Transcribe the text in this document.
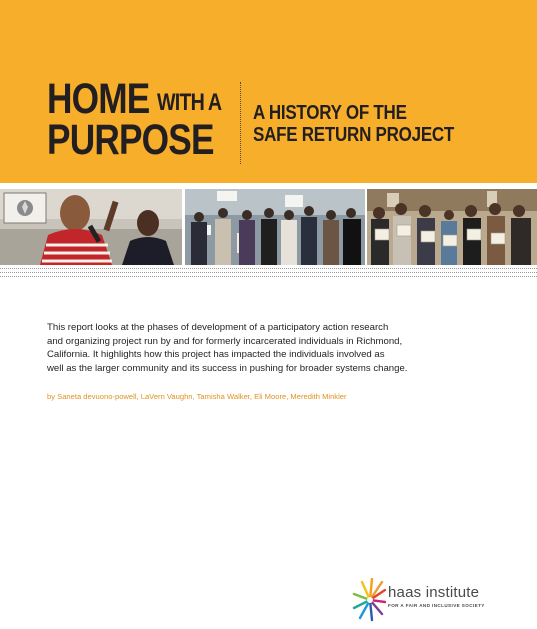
HOME WITH A
PURPOSE
A HISTORY OF THE
SAFE RETURN PROJECT
This report looks at the phases of development of a participatory action research
and organizing project run by and for formerly incarcerated individuals in Richmond,
California. It highlights how this project has impacted the individuals involved as
well as the larger community and its success in pushing for broader systems change.
by Saneta devuono-powell, LaVern Vaughn, Tamisha Walker, Eli Moore, Meredith Minkler
haas institute
FOR A FAIR AND INCLUSIVE SOCIETY
